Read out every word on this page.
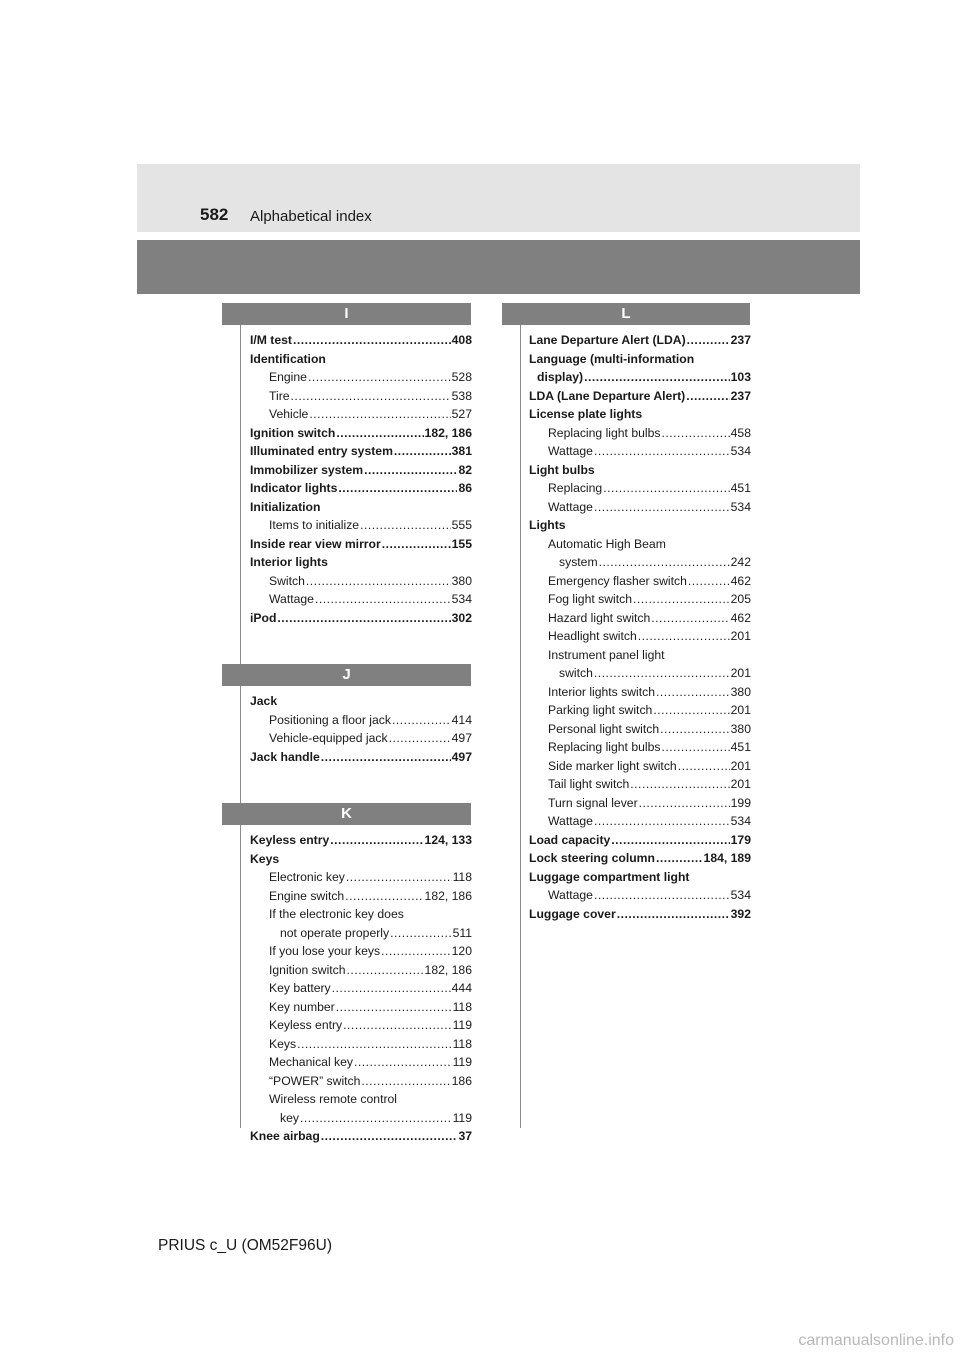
582 Alphabetical index
I
I/M test .....	408
Identification
Engine .....	528
Tire .....	538
Vehicle .....	527
Ignition switch .....	182, 186
Illuminated entry system .....	381
Immobilizer system .....	82
Indicator lights .....	86
Initialization
Items to initialize .....	555
Inside rear view mirror .....	155
Interior lights
Switch .....	380
Wattage .....	534
iPod .....	302
J
Jack
Positioning a floor jack .....	414
Vehicle-equipped jack .....	497
Jack handle .....	497
K
Keyless entry .....	124, 133
Keys
Electronic key .....	118
Engine switch .....	182, 186
If the electronic key does
not operate properly .....	511
If you lose your keys .....	120
Ignition switch .....	182, 186
Key battery .....	444
Key number .....	118
Keyless entry .....	119
Keys .....	118
Mechanical key .....	119
“POWER” switch .....	186
Wireless remote control
key .....	119
Knee airbag .....	37
L
Lane Departure Alert (LDA) .....	237
Language (multi-information
display) .....	103
LDA (Lane Departure Alert) .....	237
License plate lights
Replacing light bulbs .....	458
Wattage .....	534
Light bulbs
Replacing .....	451
Wattage .....	534
Lights
Automatic High Beam
system .....	242
Emergency flasher switch .....	462
Fog light switch .....	205
Hazard light switch .....	462
Headlight switch .....	201
Instrument panel light
switch .....	201
Interior lights switch .....	380
Parking light switch .....	201
Personal light switch .....	380
Replacing light bulbs .....	451
Side marker light switch .....	201
Tail light switch .....	201
Turn signal lever .....	199
Wattage .....	534
Load capacity .....	179
Lock steering column .....	184, 189
Luggage compartment light
Wattage .....	534
Luggage cover .....	392
PRIUS c_U (OM52F96U)
carmanualsonline.info
